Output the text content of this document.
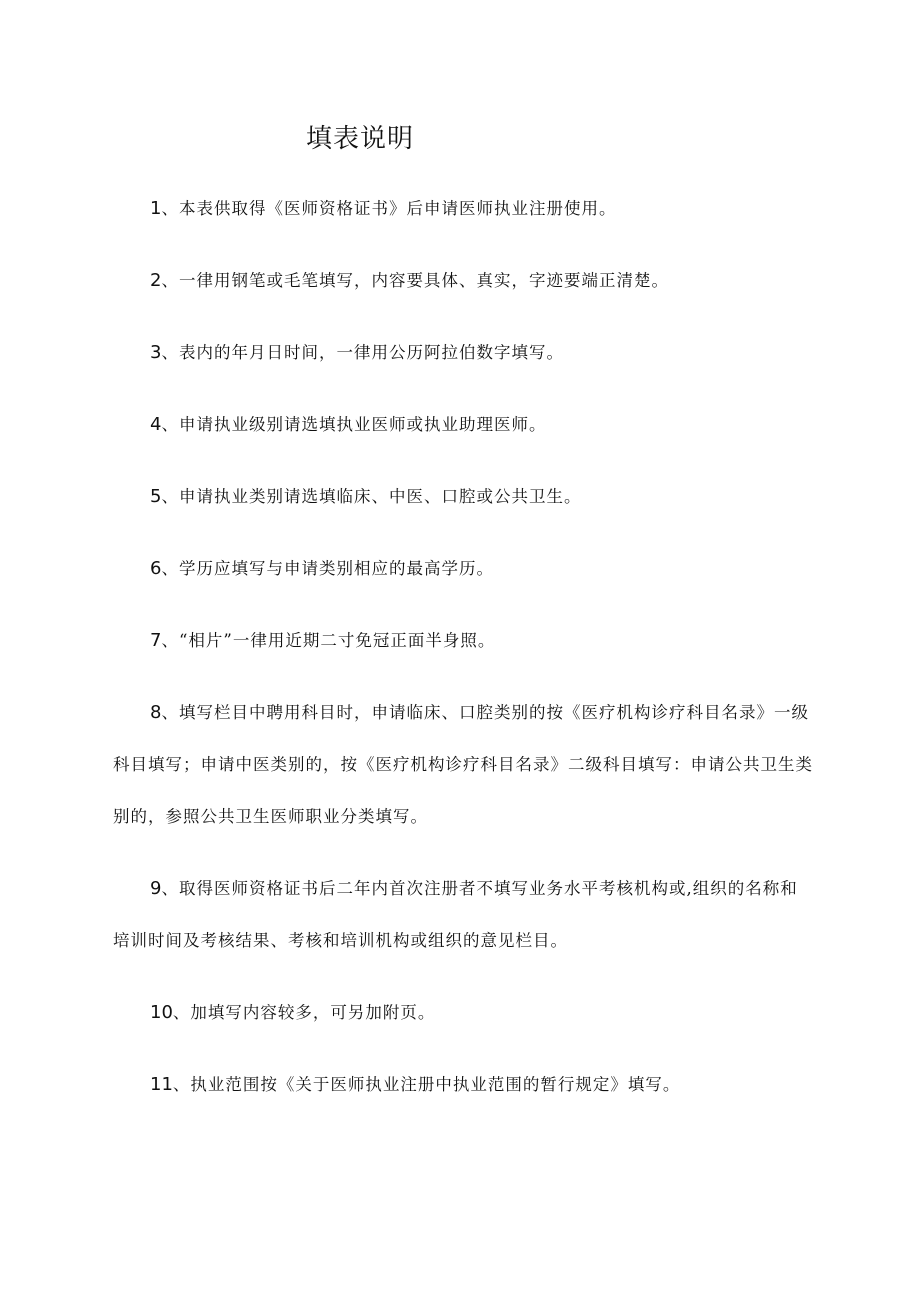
填表说明

1、本表供取得《医师资格证书》后申请医师执业注册使用。

2、一律用钢笔或毛笔填写，内容要具体、真实，字迹要端正清楚。

3、表内的年月日时间，一律用公历阿拉伯数字填写。

4、申请执业级别请选填执业医师或执业助理医师。

5、申请执业类别请选填临床、中医、口腔或公共卫生。

6、学历应填写与申请类别相应的最高学历。

7、“相片”一律用近期二寸免冠正面半身照。

8、填写栏目中聘用科目时，申请临床、口腔类别的按《医疗机构诊疗科目名录》一级科目填写；申请中医类别的，按《医疗机构诊疗科目名录》二级科目填写：申请公共卫生类别的，参照公共卫生医师职业分类填写。

9、取得医师资格证书后二年内首次注册者不填写业务水平考核机构或,组织的名称和培训时间及考核结果、考核和培训机构或组织的意见栏目。

10、加填写内容较多，可另加附页。

11、执业范围按《关于医师执业注册中执业范围的暂行规定》填写。
